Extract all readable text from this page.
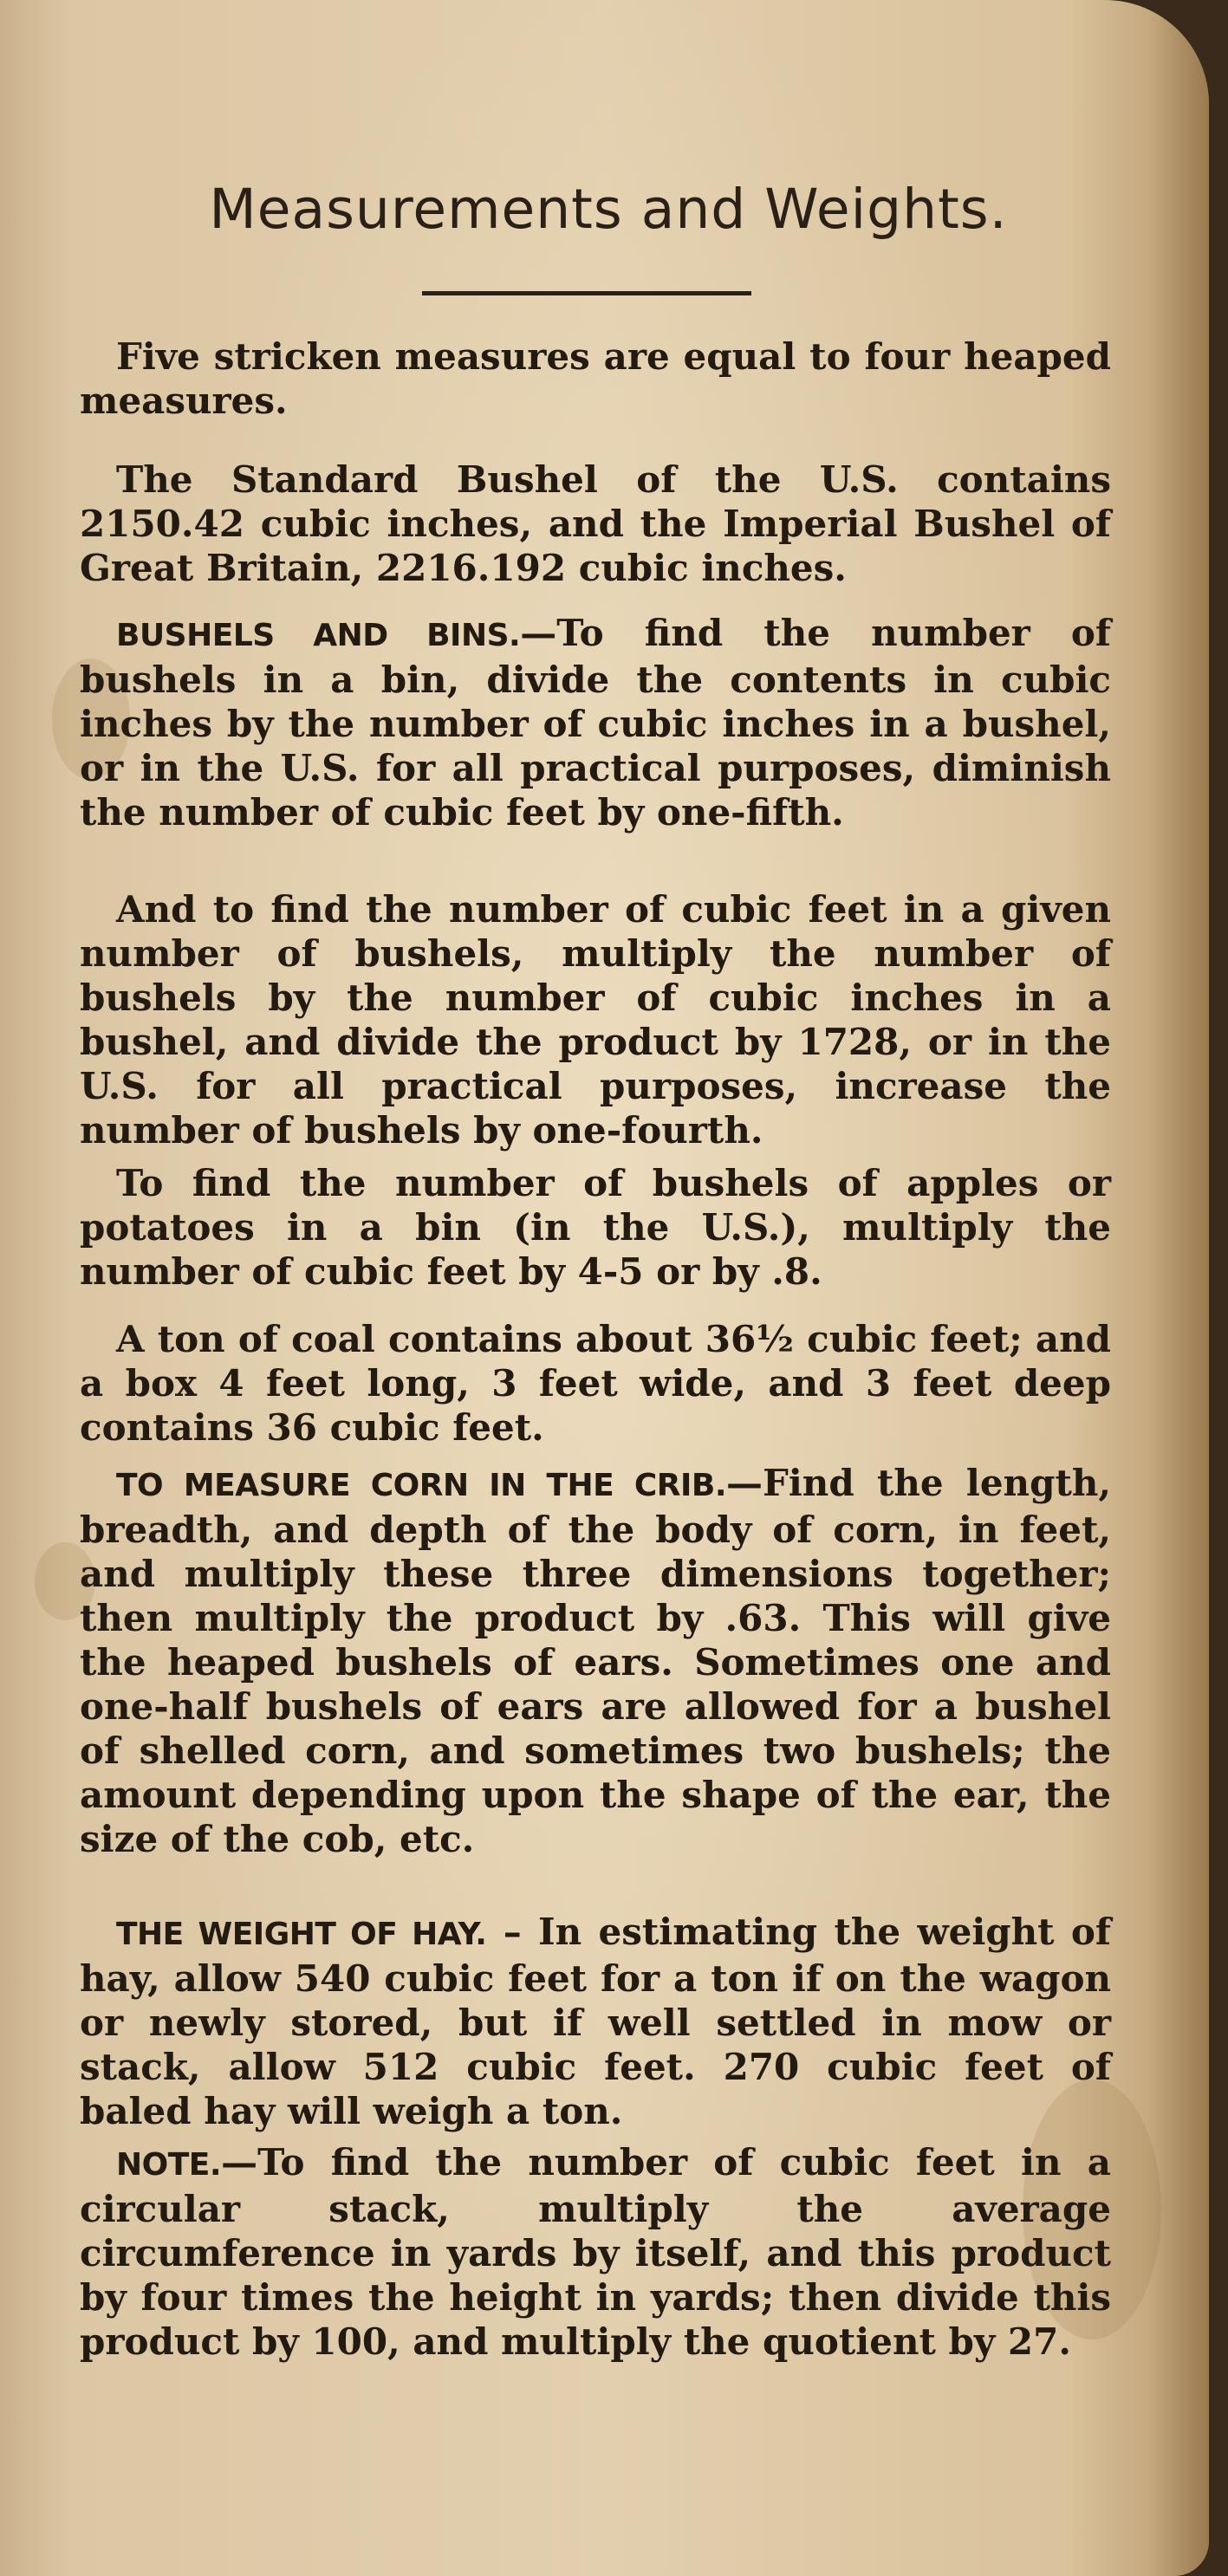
Measurements and Weights.

Five stricken measures are equal to four heaped measures.

The Standard Bushel of the U.S. contains 2150.42 cubic inches, and the Imperial Bushel of Great Britain, 2216.192 cubic inches.

BUSHELS AND BINS.—To find the number of bushels in a bin, divide the contents in cubic inches by the number of cubic inches in a bushel, or in the U.S. for all practical purposes, diminish the number of cubic feet by one-fifth.

And to find the number of cubic feet in a given number of bushels, multiply the number of bushels by the number of cubic inches in a bushel, and divide the product by 1728, or in the U.S. for all practical purposes, increase the number of bushels by one-fourth.

To find the number of bushels of apples or potatoes in a bin (in the U.S.), multiply the number of cubic feet by 4-5 or by .8.

A ton of coal contains about 36½ cubic feet; and a box 4 feet long, 3 feet wide, and 3 feet deep contains 36 cubic feet.

TO MEASURE CORN IN THE CRIB.—Find the length, breadth, and depth of the body of corn, in feet, and multiply these three dimensions together; then multiply the product by .63. This will give the heaped bushels of ears. Sometimes one and one-half bushels of ears are allowed for a bushel of shelled corn, and sometimes two bushels; the amount depending upon the shape of the ear, the size of the cob, etc.

THE WEIGHT OF HAY. – In estimating the weight of hay, allow 540 cubic feet for a ton if on the wagon or newly stored, but if well settled in mow or stack, allow 512 cubic feet. 270 cubic feet of baled hay will weigh a ton.

NOTE.—To find the number of cubic feet in a circular stack, multiply the average circumference in yards by itself, and this product by four times the height in yards; then divide this product by 100, and multiply the quotient by 27.
